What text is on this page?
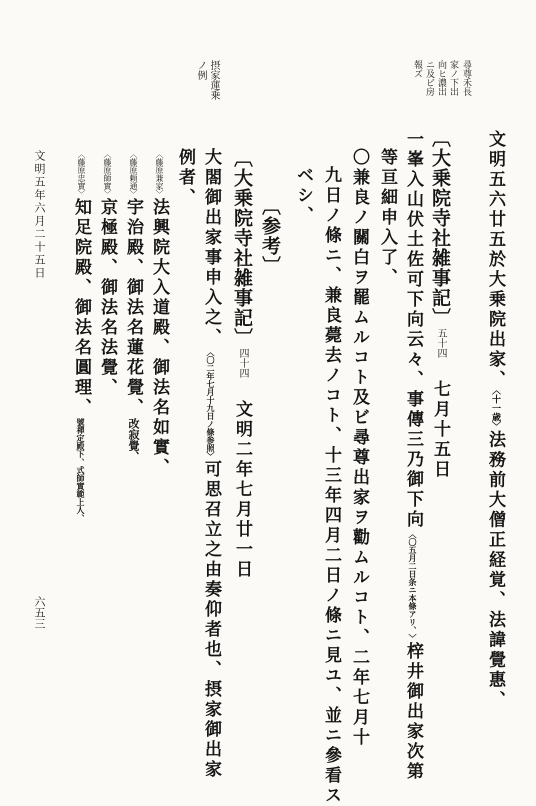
尋尊禾長
家ノ下出
向ヒ濃出
ニ及ビ房
報ズ
摂家蓮乗
ノ例
文明五六廿五於大乗院出家、〈十一歳〉法務前大僧正経覚、法諱覺惠、
〔大乗院寺社雑事記〕五十四七月十五日
一峯入山伏土佐可下向云々、事傳三乃御下向〈〇五月二日条ニ本條アリ、〉梓井御出家次第
等亘細申入了、
〇兼良ノ關白ヲ罷ムルコト及ビ尋尊出家ヲ勸ムルコト、二年七月十
九日ノ條ニ、兼良薨去ノコト、十三年四月二日ノ條ニ見ユ、並ニ參看ス
ベシ、
〔参考〕
〔大乗院寺社雑事記〕四十四文明二年七月廿一日
大閤御出家事申入之、〈〇二年七月十九日ノ條参照〉可思召立之由奏仰者也、摂家御出家
例者、
〈藤原兼家〉法興院大入道殿、御法名如實、
〈藤原頼通〉宇治殿、御法名蓮花覺、改寂覺、
〈藤原師實〉京極殿、御法名法覺、
〈藤原忠實〉知足院殿、御法名圓理、號禪定殿下、式師實範上人、
文明五年六月二十五日
六五三
